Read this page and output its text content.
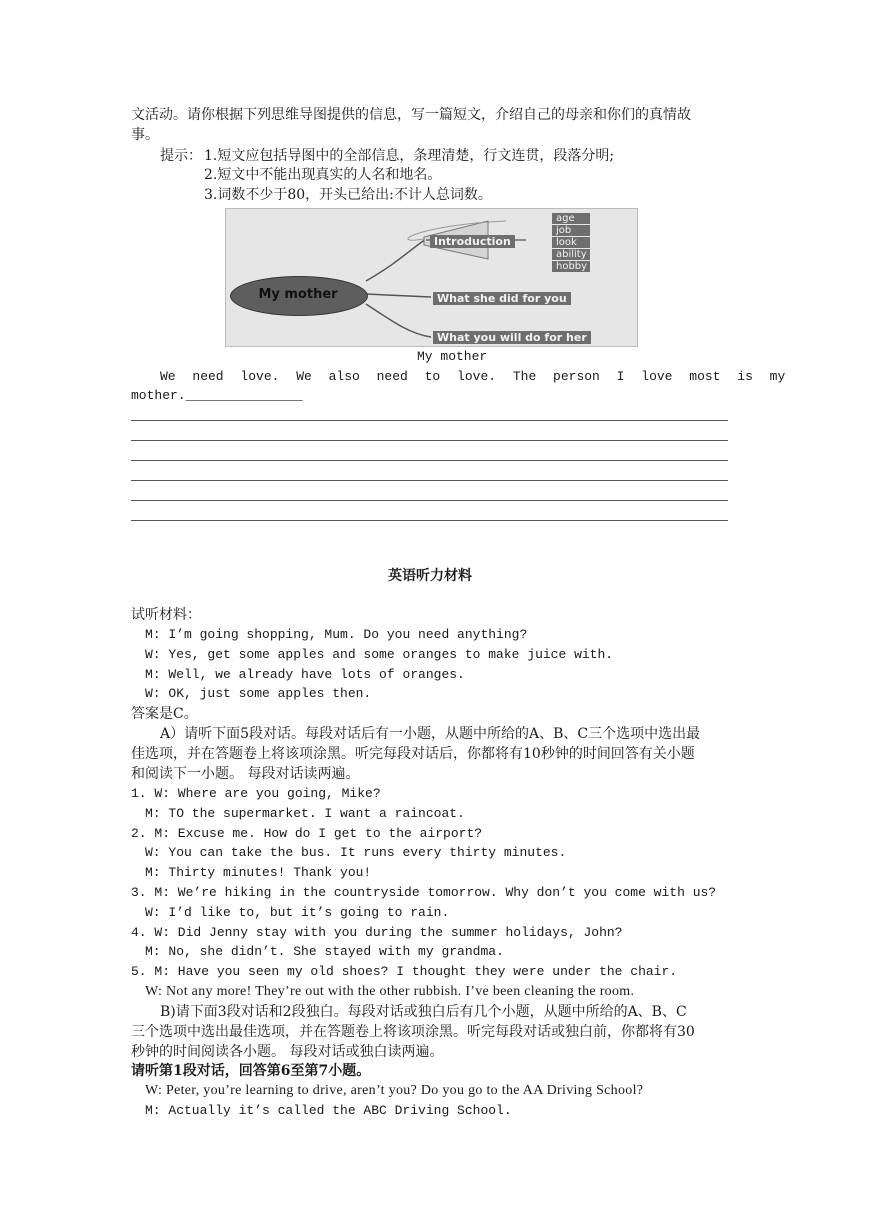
文活动。请你根据下列思维导图提供的信息，写一篇短文，介绍自己的母亲和你们的真情故
事。
提示： 1.短文应包括导图中的全部信息，条理清楚，行文连贯，段落分明;
2.短文中不能出现真实的人名和地名。
3.词数不少于80，开头已给出:不计人总词数。
My mother
Introduction
What she did for you
What you will do for her
age
job
look
ability
hobby
My mother
We need love. We also need to love. The person I love most is my
mother._______________
英语听力材料
试听材料：
M: I’m going shopping, Mum. Do you need anything?
W: Yes, get some apples and some oranges to make juice with.
M: Well, we already have lots of oranges.
W: OK, just some apples then.
答案是C。
A）请听下面5段对话。每段对话后有一小题，从题中所给的A、B、C三个选项中选出最
佳选项，并在答题卷上将该项涂黑。听完每段对话后，你都将有10秒钟的时间回答有关小题
和阅读下一小题。 每段对话读两遍。
1. W: Where are you going, Mike?
M: TO the supermarket. I want a raincoat.
2. M: Excuse me. How do I get to the airport?
W: You can take the bus. It runs every thirty minutes.
M: Thirty minutes! Thank you!
3. M: We’re hiking in the countryside tomorrow. Why don’t you come with us?
W: I’d like to, but it’s going to rain.
4. W: Did Jenny stay with you during the summer holidays, John?
M: No, she didn’t. She stayed with my grandma.
5. M: Have you seen my old shoes? I thought they were under the chair.
W: Not any more! They’re out with the other rubbish. I’ve been cleaning the room.
B)请下面3段对话和2段独白。每段对话或独白后有几个小题，从题中所给的A、B、C
三个选项中选出最佳选项，并在答题卷上将该项涂黑。听完每段对话或独白前，你都将有30
秒钟的时间阅读各小题。 每段对话或独白读两遍。
请听第1段对话，回答第6至第7小题。
W: Peter, you’re learning to drive, aren’t you? Do you go to the AA Driving School?
M: Actually it’s called the ABC Driving School.
